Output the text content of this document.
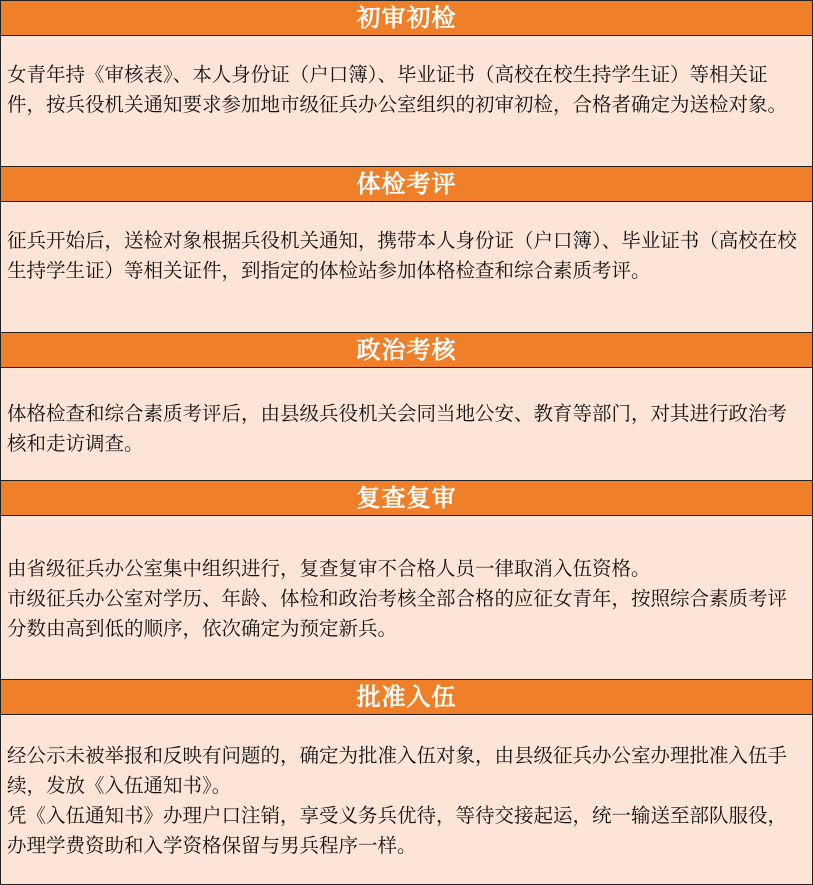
初审初检

女青年持《审核表》、本人身份证（户口簿）、毕业证书（高校在校生持学生证）等相关证件，按兵役机关通知要求参加地市级征兵办公室组织的初审初检，合格者确定为送检对象。

体检考评

征兵开始后，送检对象根据兵役机关通知，携带本人身份证（户口簿）、毕业证书（高校在校生持学生证）等相关证件，到指定的体检站参加体格检查和综合素质考评。

政治考核

体格检查和综合素质考评后，由县级兵役机关会同当地公安、教育等部门，对其进行政治考核和走访调查。

复查复审

由省级征兵办公室集中组织进行，复查复审不合格人员一律取消入伍资格。

市级征兵办公室对学历、年龄、体检和政治考核全部合格的应征女青年，按照综合素质考评分数由高到低的顺序，依次确定为预定新兵。

批准入伍

经公示未被举报和反映有问题的，确定为批准入伍对象，由县级征兵办公室办理批准入伍手续，发放《入伍通知书》。

凭《入伍通知书》办理户口注销，享受义务兵优待，等待交接起运，统一输送至部队服役，办理学费资助和入学资格保留与男兵程序一样。
